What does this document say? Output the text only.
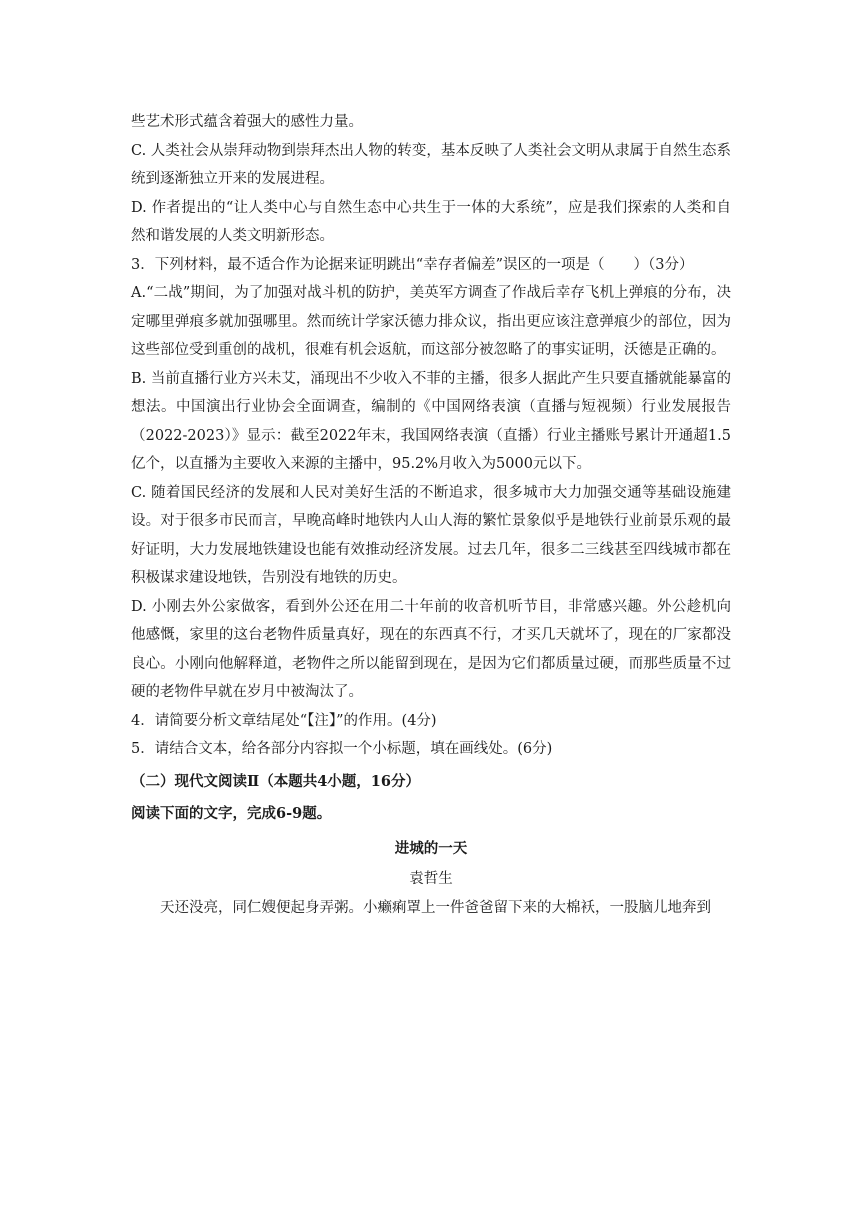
些艺术形式蕴含着强大的感性力量。

C. 人类社会从崇拜动物到崇拜杰出人物的转变，基本反映了人类社会文明从隶属于自然生态系统到逐渐独立开来的发展进程。

D. 作者提出的“让人类中心与自然生态中心共生于一体的大系统”，应是我们探索的人类和自然和谐发展的人类文明新形态。

3．下列材料，最不适合作为论据来证明跳出“幸存者偏差”误区的一项是（　　）（3分）

A.“二战”期间，为了加强对战斗机的防护，美英军方调查了作战后幸存飞机上弹痕的分布，决定哪里弹痕多就加强哪里。然而统计学家沃德力排众议，指出更应该注意弹痕少的部位，因为这些部位受到重创的战机，很难有机会返航，而这部分被忽略了的事实证明，沃德是正确的。

B. 当前直播行业方兴未艾，涌现出不少收入不菲的主播，很多人据此产生只要直播就能暴富的想法。中国演出行业协会全面调查，编制的《中国网络表演（直播与短视频）行业发展报告（2022-2023）》显示：截至2022年末，我国网络表演（直播）行业主播账号累计开通超1.5亿个，以直播为主要收入来源的主播中，95.2%月收入为5000元以下。

C. 随着国民经济的发展和人民对美好生活的不断追求，很多城市大力加强交通等基础设施建设。对于很多市民而言，早晚高峰时地铁内人山人海的繁忙景象似乎是地铁行业前景乐观的最好证明，大力发展地铁建设也能有效推动经济发展。过去几年，很多二三线甚至四线城市都在积极谋求建设地铁，告别没有地铁的历史。

D. 小刚去外公家做客，看到外公还在用二十年前的收音机听节目，非常感兴趣。外公趁机向他感慨，家里的这台老物件质量真好，现在的东西真不行，才买几天就坏了，现在的厂家都没良心。小刚向他解释道，老物件之所以能留到现在，是因为它们都质量过硬，而那些质量不过硬的老物件早就在岁月中被淘汰了。

4．请简要分析文章结尾处“【注】”的作用。(4分)

5．请结合文本，给各部分内容拟一个小标题，填在画线处。(6分)

（二）现代文阅读Ⅱ（本题共4小题，16分）

阅读下面的文字，完成6-9题。

进城的一天

袁哲生

天还没亮，同仁嫂便起身弄粥。小癞痢罩上一件爸爸留下来的大棉袄，一股脑儿地奔到
